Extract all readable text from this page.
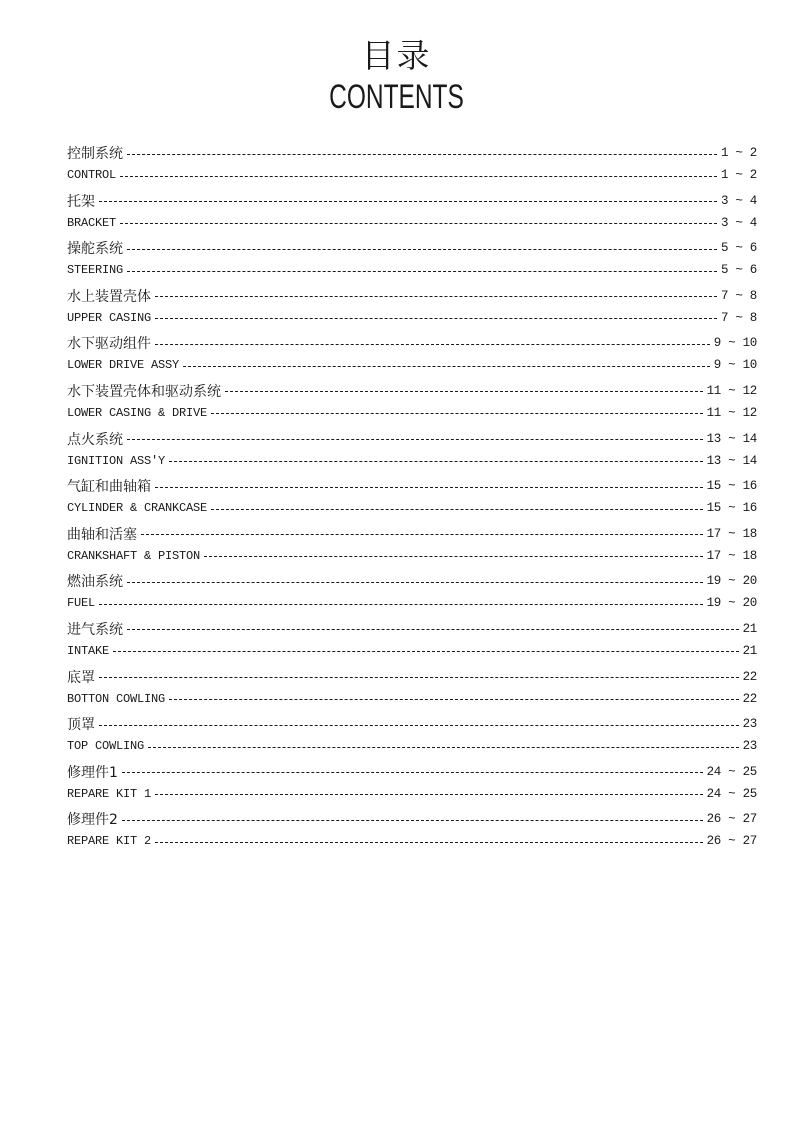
目录
CONTENTS
控制系统	1 ~ 2
CONTROL	1 ~ 2
托架	3 ~ 4
BRACKET	3 ~ 4
操舵系统	5 ~ 6
STEERING	5 ~ 6
水上装置壳体	7 ~ 8
UPPER CASING	7 ~ 8
水下驱动组件	9 ~ 10
LOWER DRIVE ASSY	9 ~ 10
水下装置壳体和驱动系统	11 ~ 12
LOWER CASING & DRIVE	11 ~ 12
点火系统	13 ~ 14
IGNITION ASS'Y	13 ~ 14
气缸和曲轴箱	15 ~ 16
CYLINDER & CRANKCASE	15 ~ 16
曲轴和活塞	17 ~ 18
CRANKSHAFT & PISTON	17 ~ 18
燃油系统	19 ~ 20
FUEL	19 ~ 20
进气系统	21
INTAKE	21
底罩	22
BOTTON COWLING	22
顶罩	23
TOP COWLING	23
修理件1	24 ~ 25
REPARE KIT 1	24 ~ 25
修理件2	26 ~ 27
REPARE KIT 2	26 ~ 27
